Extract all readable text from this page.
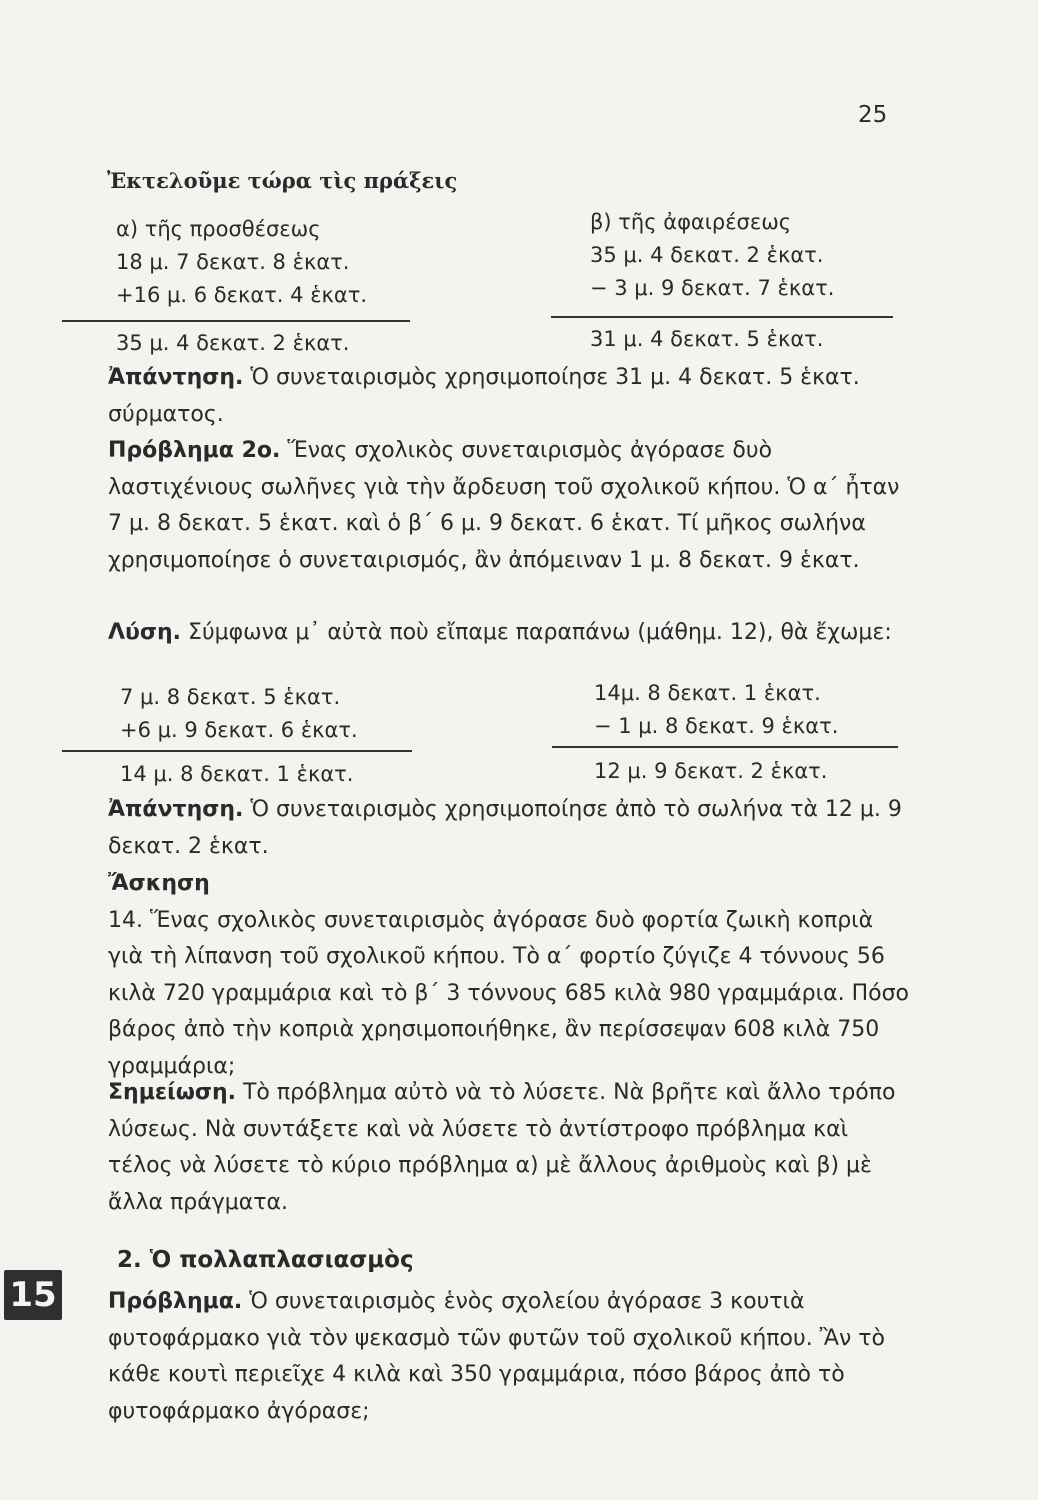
25
Ἐκτελοῦμε τώρα τὶς πράξεις
α) τῆς προσθέσεως
18 μ. 7 δεκατ. 8 ἑκατ.
+16 μ. 6 δεκατ. 4 ἑκατ.
35 μ. 4 δεκατ. 2 ἑκατ.
β) τῆς ἀφαιρέσεως
35 μ. 4 δεκατ. 2 ἑκατ.
− 3 μ. 9 δεκατ. 7 ἑκατ.
31 μ. 4 δεκατ. 5 ἑκατ.
Ἀπάντηση. Ὁ συνεταιρισμὸς χρησιμοποίησε 31 μ. 4 δεκατ. 5 ἑκατ. σύρματος.
Πρόβλημα 2ο. Ἕνας σχολικὸς συνεταιρισμὸς ἀγόρασε δυὸ λαστιχένιους σωλῆνες γιὰ τὴν ἄρδευση τοῦ σχολικοῦ κήπου. Ὁ α΄ ἦταν 7 μ. 8 δεκατ. 5 ἑκατ. καὶ ὁ β΄ 6 μ. 9 δεκατ. 6 ἑκατ. Τί μῆκος σωλήνα χρησιμοποίησε ὁ συνεταιρισμός, ἂν ἀπόμειναν 1 μ. 8 δεκατ. 9 ἑκατ.
Λύση. Σύμφωνα μ᾽ αὐτὰ ποὺ εἴπαμε παραπάνω (μάθημ. 12), θὰ ἔχωμε:
7 μ. 8 δεκατ. 5 ἑκατ.
+6 μ. 9 δεκατ. 6 ἑκατ.
14 μ. 8 δεκατ. 1 ἑκατ.
14μ. 8 δεκατ. 1 ἑκατ.
− 1 μ. 8 δεκατ. 9 ἑκατ.
12 μ. 9 δεκατ. 2 ἑκατ.
Ἀπάντηση. Ὁ συνεταιρισμὸς χρησιμοποίησε ἀπὸ τὸ σωλήνα τὰ 12 μ. 9 δεκατ. 2 ἑκατ.
Ἄσκηση
14. Ἕνας σχολικὸς συνεταιρισμὸς ἀγόρασε δυὸ φορτία ζωικὴ κοπριὰ γιὰ τὴ λίπανση τοῦ σχολικοῦ κήπου. Τὸ α΄ φορτίο ζύγιζε 4 τόννους 56 κιλὰ 720 γραμμάρια καὶ τὸ β΄ 3 τόννους 685 κιλὰ 980 γραμμάρια. Πόσο βάρος ἀπὸ τὴν κοπριὰ χρησιμοποιήθηκε, ἂν περίσσεψαν 608 κιλὰ 750 γραμμάρια;
Σημείωση. Τὸ πρόβλημα αὐτὸ νὰ τὸ λύσετε. Νὰ βρῆτε καὶ ἄλλο τρόπο λύσεως. Νὰ συντάξετε καὶ νὰ λύσετε τὸ ἀντίστροφο πρόβλημα καὶ τέλος νὰ λύσετε τὸ κύριο πρόβλημα α) μὲ ἄλλους ἀριθμοὺς καὶ β) μὲ ἄλλα πράγματα.
15
2. Ὁ πολλαπλασιασμὸς
Πρόβλημα. Ὁ συνεταιρισμὸς ἑνὸς σχολείου ἀγόρασε 3 κουτιὰ φυτοφάρμακο γιὰ τὸν ψεκασμὸ τῶν φυτῶν τοῦ σχολικοῦ κήπου. Ἂν τὸ κάθε κουτὶ περιεῖχε 4 κιλὰ καὶ 350 γραμμάρια, πόσο βάρος ἀπὸ τὸ φυτοφάρμακο ἀγόρασε;
